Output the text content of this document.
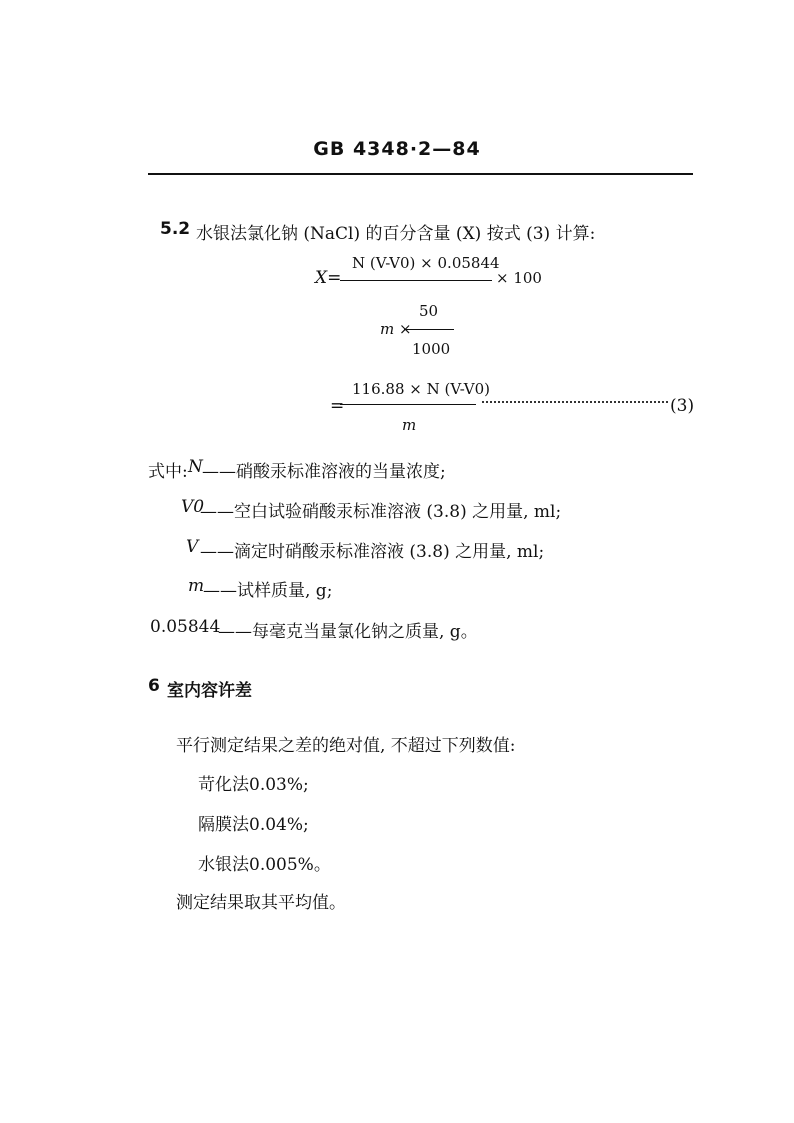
GB 4348·2—84
5.2 水银法氯化钠 (NaCl) 的百分含量 (X) 按式 (3) 计算:
X=
N (V-V0) × 0.05844
× 100
m ×
50
1000
=
116.88 × N (V-V0)
m
(3)
式中: N ——硝酸汞标准溶液的当量浓度;
V0
——空白试验硝酸汞标准溶液 (3.8) 之用量, ml;
V ——滴定时硝酸汞标准溶液 (3.8) 之用量, ml;
m
——试样质量, g;
0.05844
——每毫克当量氯化钠之质量, g。
6 室内容许差
平行测定结果之差的绝对值, 不超过下列数值:
苛化法0.03%;
隔膜法0.04%;
水银法0.005%。
测定结果取其平均值。
